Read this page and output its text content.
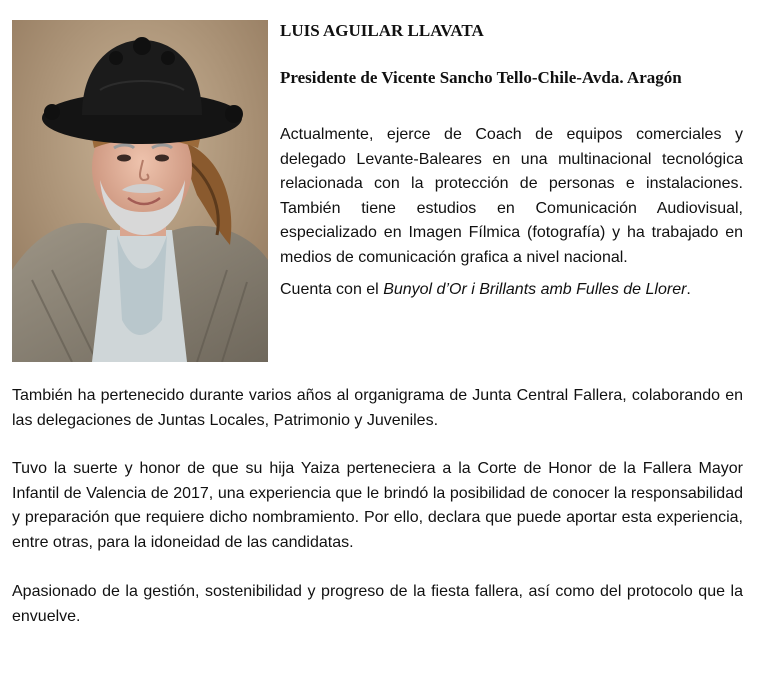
LUIS AGUILAR LLAVATA

Presidente de Vicente Sancho Tello-Chile-Avda. Aragón

Actualmente, ejerce de Coach de equipos comerciales y delegado Levante-Baleares en una multinacional tecnológica relacionada con la protección de personas e instalaciones. También tiene estudios en Comunicación Audiovisual, especializado en Imagen Fílmica (fotografía) y ha trabajado en medios de comunicación grafica a nivel nacional.

Cuenta con el Bunyol d’Or i Brillants amb Fulles de Llorer.

También ha pertenecido durante varios años al organigrama de Junta Central Fallera, colaborando en las delegaciones de Juntas Locales, Patrimonio y Juveniles.

Tuvo la suerte y honor de que su hija Yaiza perteneciera a la Corte de Honor de la Fallera Mayor Infantil de Valencia de 2017, una experiencia que le brindó la posibilidad de conocer la responsabilidad y preparación que requiere dicho nombramiento. Por ello, declara que puede aportar esta experiencia, entre otras, para la idoneidad de las candidatas.

Apasionado de la gestión, sostenibilidad y progreso de la fiesta fallera, así como del protocolo que la envuelve.
